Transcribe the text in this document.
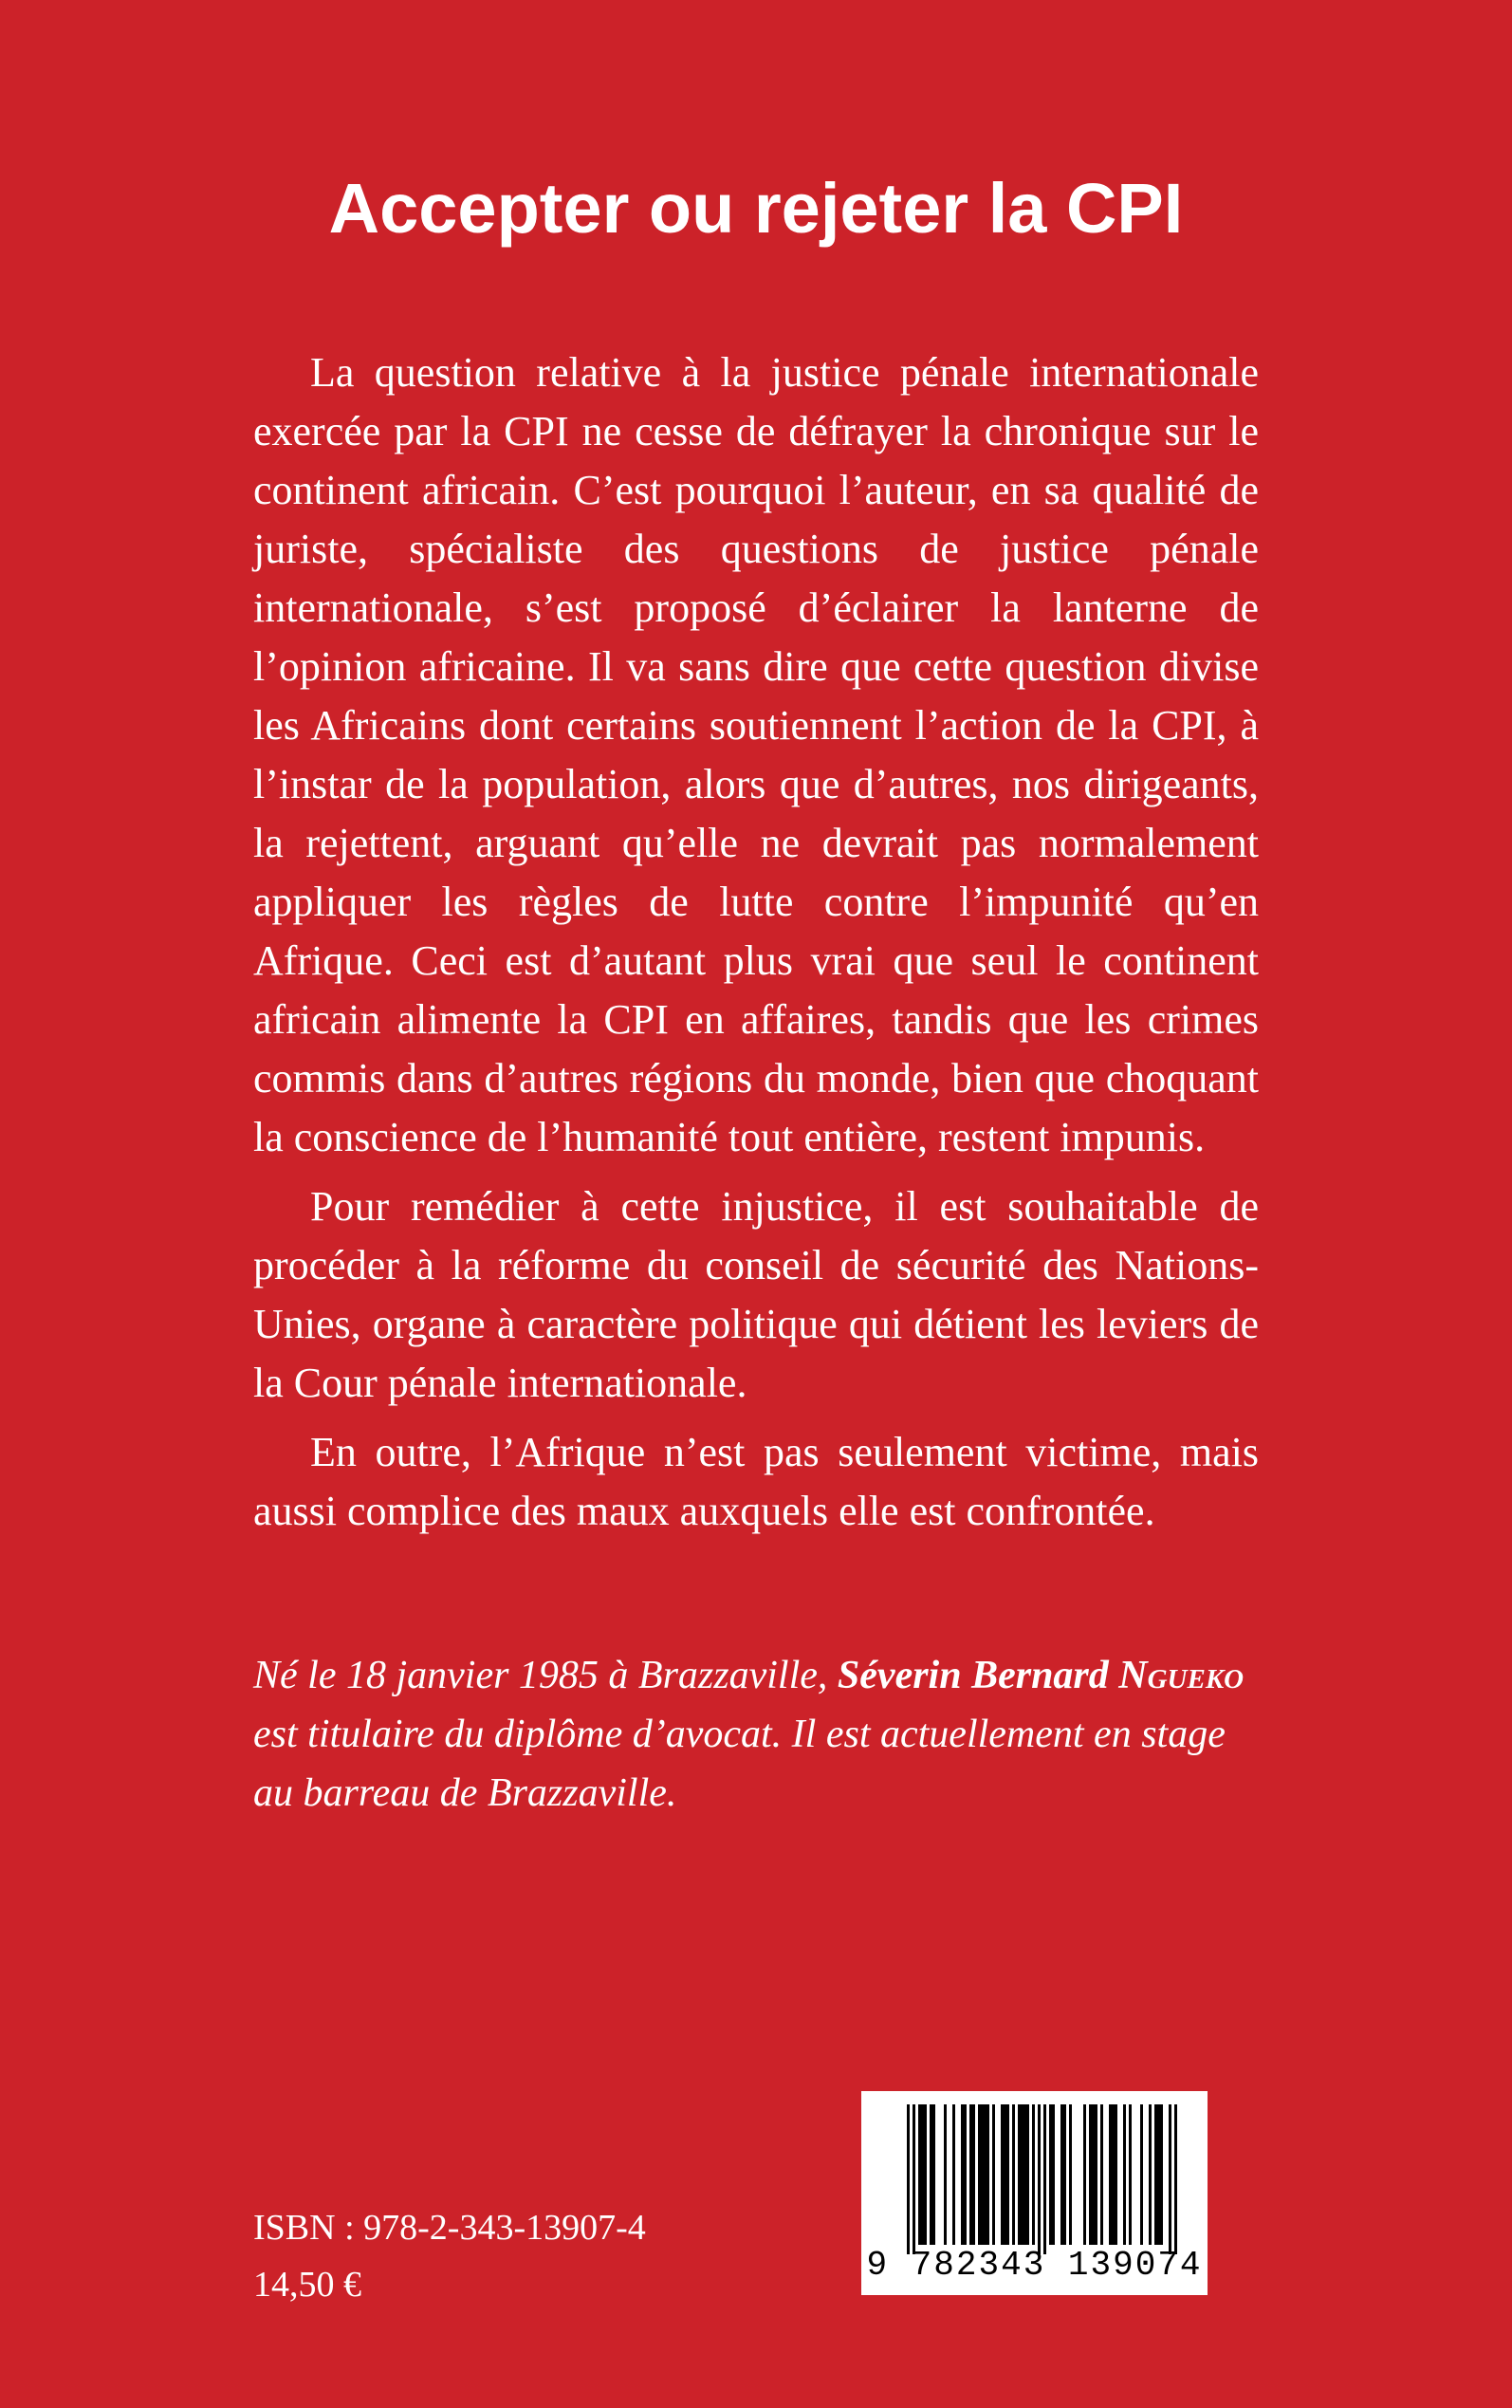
Accepter ou rejeter la CPI

La question relative à la justice pénale internationale exercée par la CPI ne cesse de défrayer la chronique sur le continent africain. C’est pourquoi l’auteur, en sa qualité de juriste, spécialiste des questions de justice pénale internationale, s’est proposé d’éclairer la lanterne de l’opinion africaine. Il va sans dire que cette question divise les Africains dont certains soutiennent l’action de la CPI, à l’instar de la population, alors que d’autres, nos dirigeants, la rejettent, arguant qu’elle ne devrait pas normalement appliquer les règles de lutte contre l’impunité qu’en Afrique. Ceci est d’autant plus vrai que seul le continent africain alimente la CPI en affaires, tandis que les crimes commis dans d’autres régions du monde, bien que choquant la conscience de l’humanité tout entière, restent impunis.

Pour remédier à cette injustice, il est souhaitable de procéder à la réforme du conseil de sécurité des Nations-Unies, organe à caractère politique qui détient les leviers de la Cour pénale internationale.

En outre, l’Afrique n’est pas seulement victime, mais aussi complice des maux auxquels elle est confrontée.

Né le 18 janvier 1985 à Brazzaville, Séverin Bernard Ngueko est titulaire du diplôme d’avocat. Il est actuellement en stage au barreau de Brazzaville.

ISBN : 978-2-343-13907-4

14,50 €	9 782343 139074
